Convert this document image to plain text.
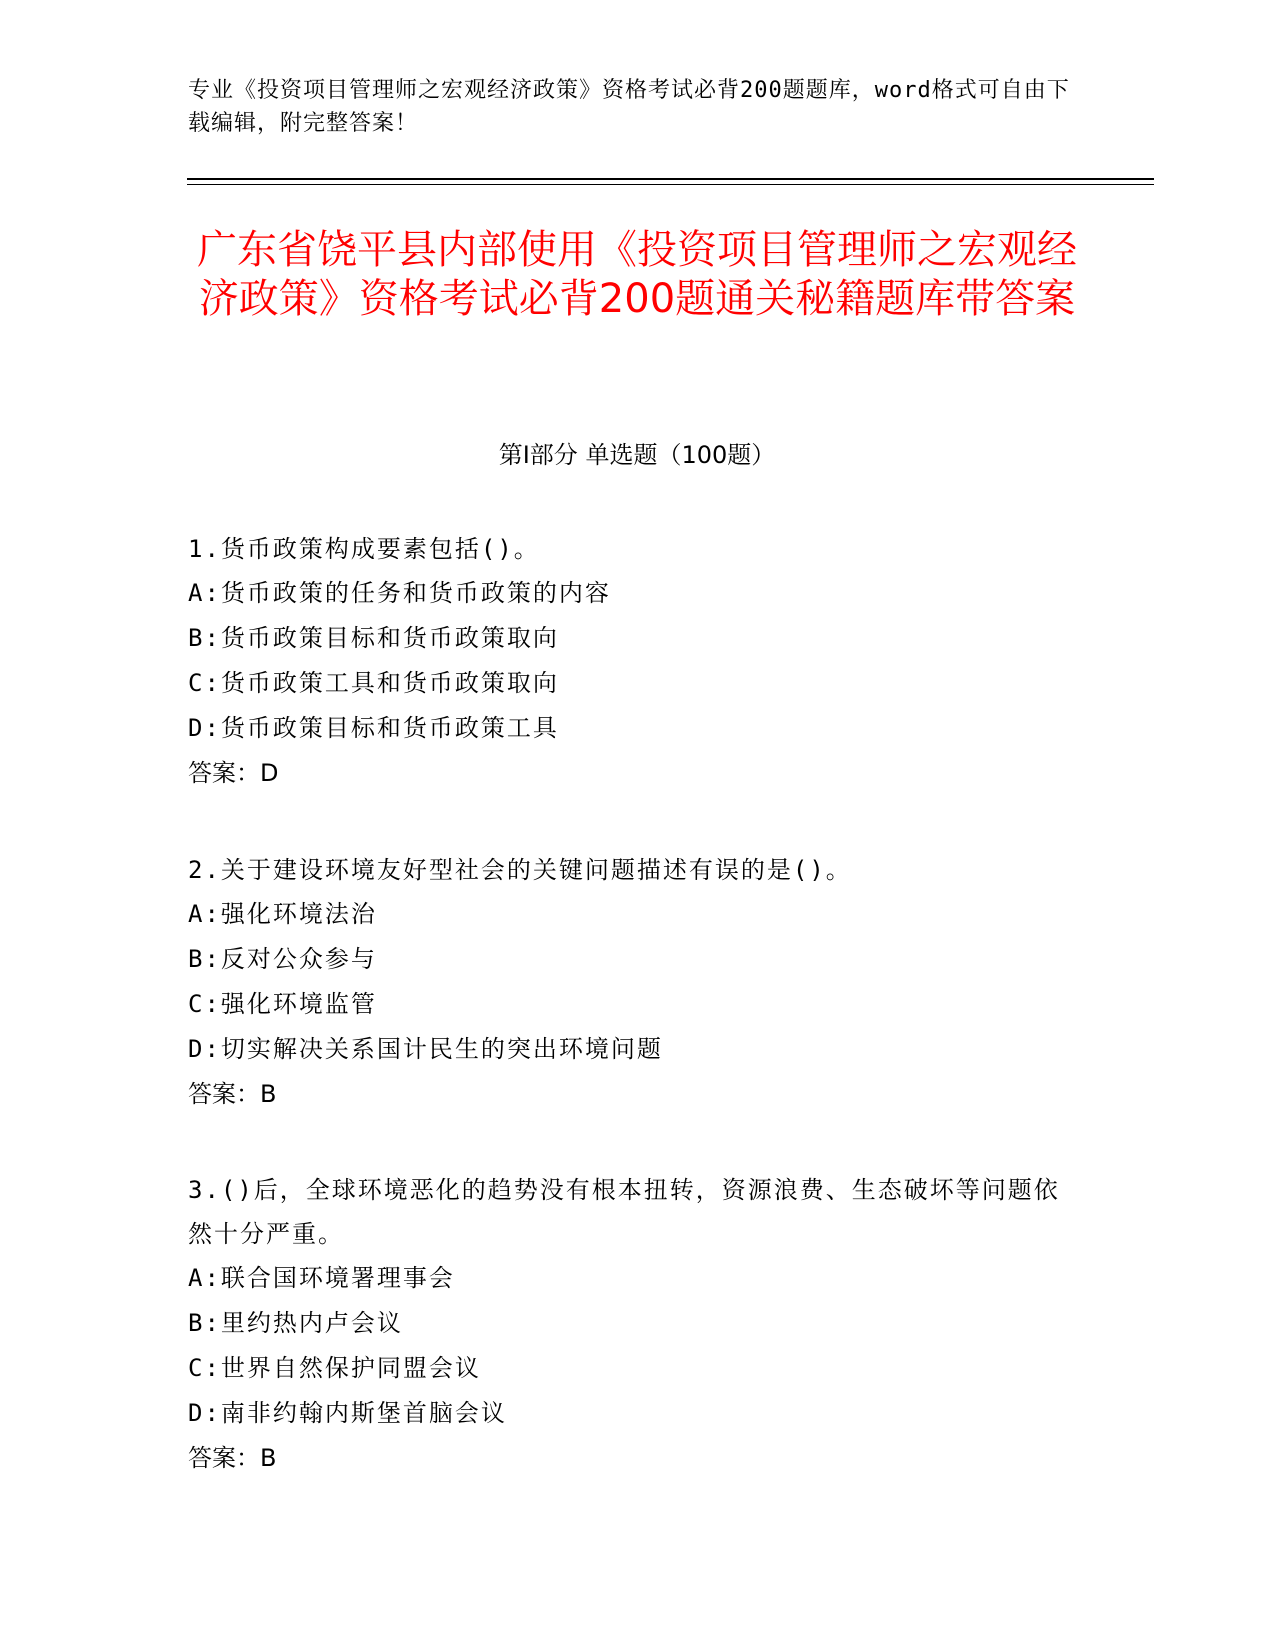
专业《投资项目管理师之宏观经济政策》资格考试必背200题题库，word格式可自由下载编辑，附完整答案！
广东省饶平县内部使用《投资项目管理师之宏观经济政策》资格考试必背200题通关秘籍题库带答案
第I部分 单选题（100题）
1.货币政策构成要素包括()。
A:货币政策的任务和货币政策的内容
B:货币政策目标和货币政策取向
C:货币政策工具和货币政策取向
D:货币政策目标和货币政策工具
答案：D
2.关于建设环境友好型社会的关键问题描述有误的是()。
A:强化环境法治
B:反对公众参与
C:强化环境监管
D:切实解决关系国计民生的突出环境问题
答案：B
3.()后，全球环境恶化的趋势没有根本扭转，资源浪费、生态破坏等问题依然十分严重。
A:联合国环境署理事会
B:里约热内卢会议
C:世界自然保护同盟会议
D:南非约翰内斯堡首脑会议
答案：B
